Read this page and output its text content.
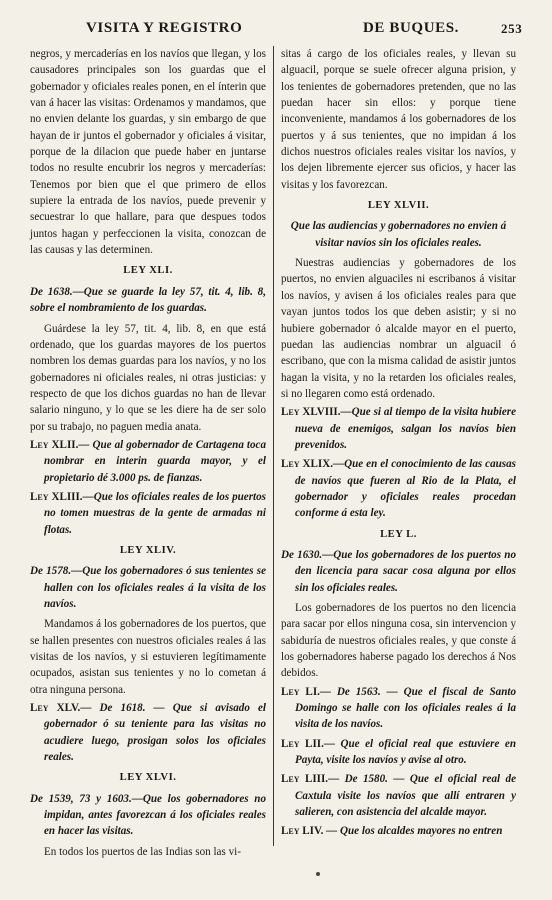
VISITA Y REGISTRO	DE BUQUES.	253

negros, y mercaderías en los navíos que llegan, y los causadores principales son los guardas que el gobernador y oficiales reales ponen, en el ínterin que van á hacer las visitas: Ordenamos y mandamos, que no envien delante los guardas, y sin embargo de que hayan de ir juntos el gobernador y oficiales á visitar, porque de la dilacion que puede haber en juntarse todos no resulte encubrir los negros y mercaderías: Tenemos por bien que el que primero de ellos supiere la entrada de los navíos, puede prevenir y secuestrar lo que hallare, para que despues todos juntos hagan y perfeccionen la visita, conozcan de las causas y las determinen.

LEY XLI.

De 1638.—Que se guarde la ley 57, tit. 4, lib. 8, sobre el nombramiento de los guardas.

Guárdese la ley 57, tit. 4, lib. 8, en que está ordenado, que los guardas mayores de los puertos nombren los demas guardas para los navíos, y no los gobernadores ni oficiales reales, ni otras justicias: y respecto de que los dichos guardas no han de llevar salario ninguno, y lo que se les diere ha de ser solo por su trabajo, no paguen media anata.

Ley XLII.— Que al gobernador de Cartagena toca nombrar en interin guarda mayor, y el propietario dé 3.000 ps. de fianzas.

Ley XLIII.—Que los oficiales reales de los puertos no tomen muestras de la gente de armadas ni flotas.

LEY XLIV.

De 1578.—Que los gobernadores ó sus tenientes se hallen con los oficiales reales á la visita de los navíos.

Mandamos á los gobernadores de los puertos, que se hallen presentes con nuestros oficiales reales á las visitas de los navíos, y si estuvieren legítimamente ocupados, asistan sus tenientes y no lo cometan á otra ninguna persona.

Ley XLV.— De 1618. — Que si avisado el gobernador ó su teniente para las visitas no acudiere luego, prosigan solos los oficiales reales.

LEY XLVI.

De 1539, 73 y 1603.—Que los gobernadores no impidan, antes favorezcan á los oficiales reales en hacer las visitas.

En todos los puertos de las Indias son las vi-

sitas á cargo de los oficiales reales, y llevan su alguacil, porque se suele ofrecer alguna prision, y los tenientes de gobernadores pretenden, que no las puedan hacer sin ellos: y porque tiene inconveniente, mandamos á los gobernadores de los puertos y á sus tenientes, que no impidan á los dichos nuestros oficiales reales visitar los navíos, y los dejen libremente ejercer sus oficios, y hacer las visitas y los favorezcan.

LEY XLVII.

Que las audiencias y gobernadores no envien á visitar navíos sin los oficiales reales.

Nuestras audiencias y gobernadores de los puertos, no envien alguaciles ni escribanos á visitar los navíos, y avisen á los oficiales reales para que vayan juntos todos los que deben asistir; y si no hubiere gobernador ó alcalde mayor en el puerto, puedan las audiencias nombrar un alguacil ó escribano, que con la misma calidad de asistir juntos hagan la visita, y no la retarden los oficiales reales, si no llegaren como está ordenado.

Ley XLVIII.—Que si al tiempo de la visita hubiere nueva de enemigos, salgan los navíos bien prevenidos.

Ley XLIX.—Que en el conocimiento de las causas de navíos que fueren al Rio de la Plata, el gobernador y oficiales reales procedan conforme á esta ley.

LEY L.

De 1630.—Que los gobernadores de los puertos no den licencia para sacar cosa alguna por ellos sin los oficiales reales.

Los gobernadores de los puertos no den licencia para sacar por ellos ninguna cosa, sin intervencion y sabiduría de nuestros oficiales reales, y que conste á los gobernadores haberse pagado los derechos á Nos debidos.

Ley LI.— De 1563. — Que el fiscal de Santo Domingo se halle con los oficiales reales á la visita de los navíos.

Ley LII.— Que el oficial real que estuviere en Payta, visite los navíos y avise al otro.

Ley LIII.— De 1580. — Que el oficial real de Caxtula visite los navíos que allí entraren y salieren, con asistencia del alcalde mayor.

Ley LIV. — Que los alcaldes mayores no entren
